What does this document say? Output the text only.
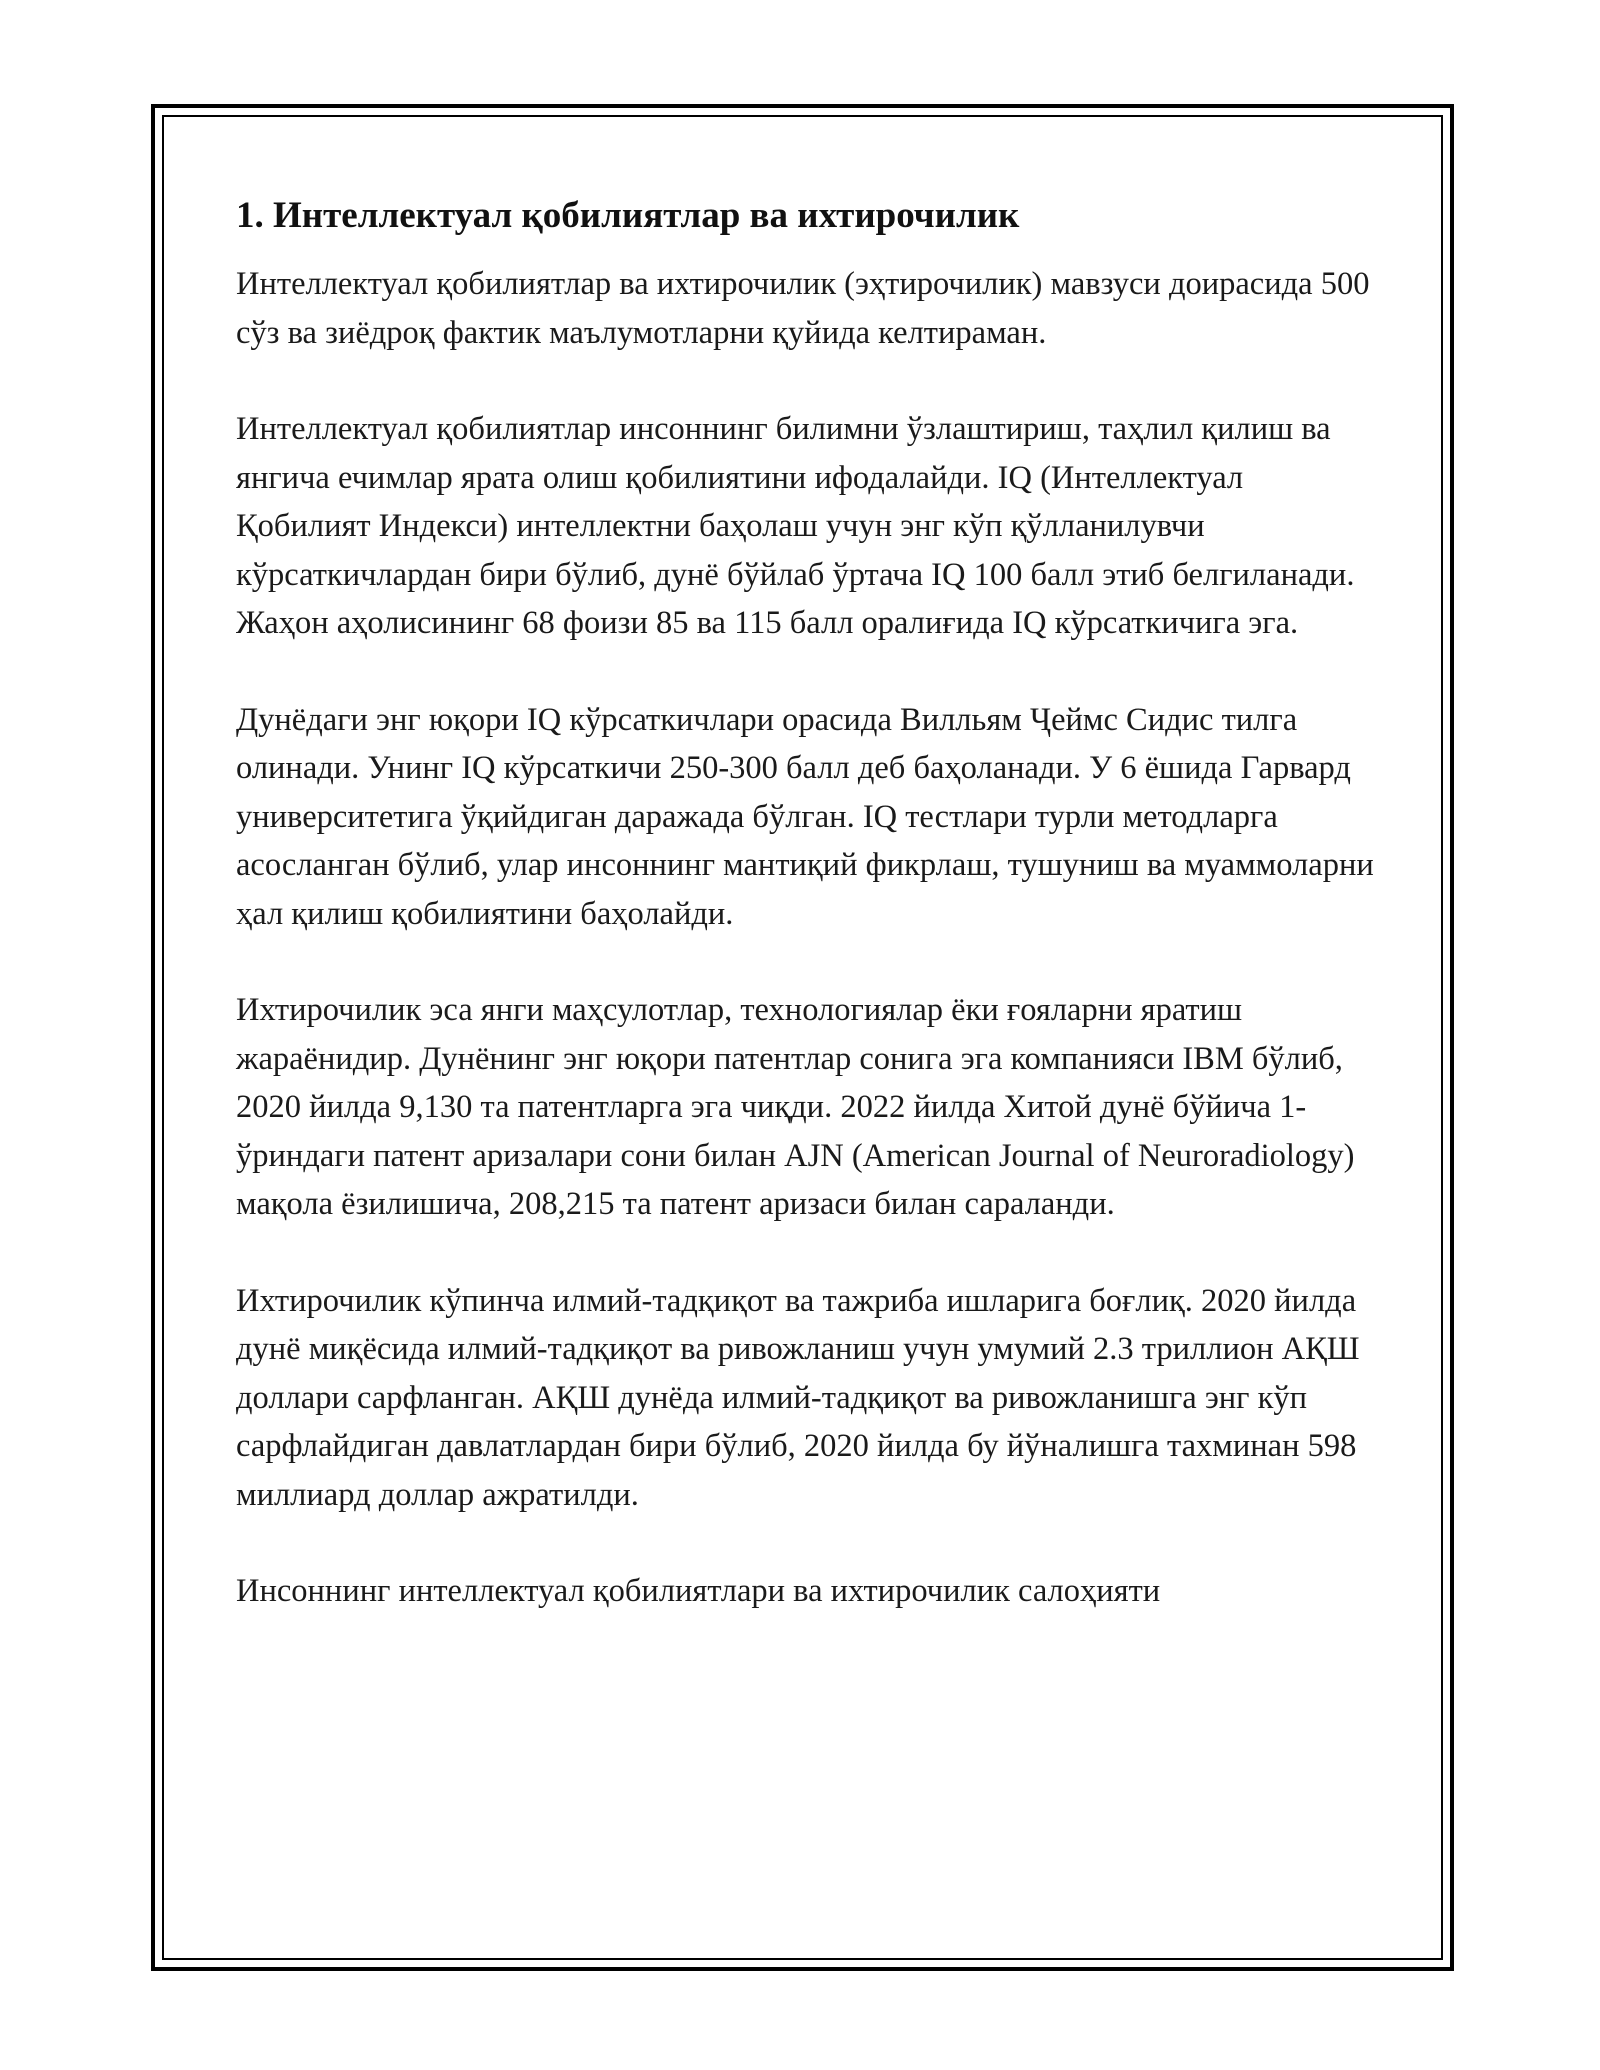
1. Интеллектуал қобилиятлар ва ихтирочилик

Интеллектуал қобилиятлар ва ихтирочилик (эҳтирочилик) мавзуси доирасида 500 сўз ва зиёдроқ фактик маълумотларни қуйида келтираман.

Интеллектуал қобилиятлар инсоннинг билимни ўзлаштириш, таҳлил қилиш ва янгича ечимлар ярата олиш қобилиятини ифодалайди. IQ (Интеллектуал Қобилият Индекси) интеллектни баҳолаш учун энг кўп қўлланилувчи кўрсаткичлардан бири бўлиб, дунё бўйлаб ўртача IQ 100 балл этиб белгиланади. Жаҳон аҳолисининг 68 фоизи 85 ва 115 балл оралиғида IQ кўрсаткичига эга.

Дунёдаги энг юқори IQ кўрсаткичлари орасида Вилльям Ҷеймс Сидис тилга олинади. Унинг IQ кўрсаткичи 250-300 балл деб баҳоланади. У 6 ёшида Гарвард университетига ўқийдиган даражада бўлган. IQ тестлари турли методларга асосланган бўлиб, улар инсоннинг мантиқий фикрлаш, тушуниш ва муаммоларни ҳал қилиш қобилиятини баҳолайди.

Ихтирочилик эса янги маҳсулотлар, технологиялар ёки ғояларни яратиш жараёнидир. Дунёнинг энг юқори патентлар сонига эга компанияси IBM бўлиб, 2020 йилда 9,130 та патентларга эга чиқди. 2022 йилда Хитой дунё бўйича 1-ўриндаги патент аризалари сони билан AJN (American Journal of Neuroradiology) мақола ёзилишича, 208,215 та патент аризаси билан сараланди.

Ихтирочилик кўпинча илмий-тадқиқот ва тажриба ишларига боғлиқ. 2020 йилда дунё миқёсида илмий-тадқиқот ва ривожланиш учун умумий 2.3 триллион АҚШ доллари сарфланган. АҚШ дунёда илмий-тадқиқот ва ривожланишга энг кўп сарфлайдиган давлатлардан бири бўлиб, 2020 йилда бу йўналишга тахминан 598 миллиард доллар ажратилди.

Инсоннинг интеллектуал қобилиятлари ва ихтирочилик салоҳияти
